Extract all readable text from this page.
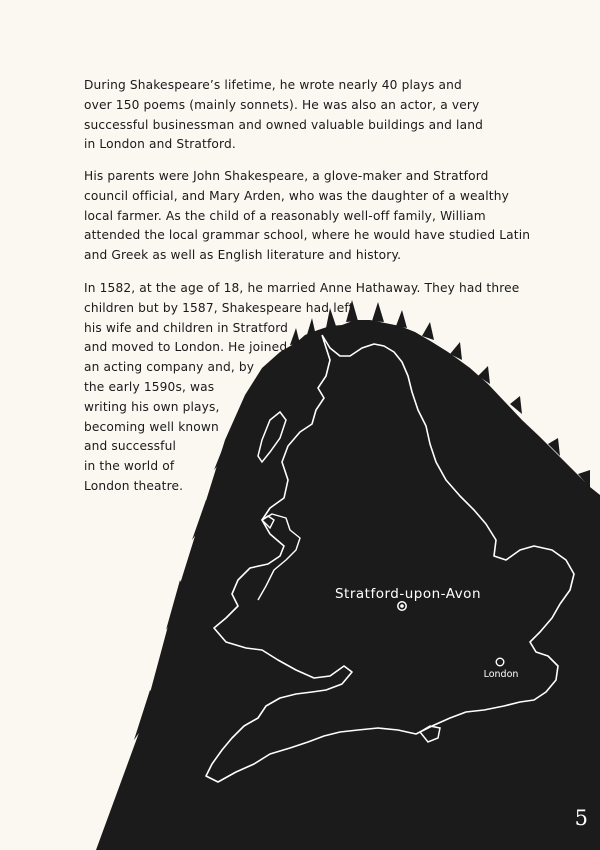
Stratford-upon-Avon
London
During Shakespeare’s lifetime, he wrote nearly 40 plays and
over 150 poems (mainly sonnets). He was also an actor, a very
successful businessman and owned valuable buildings and land
in London and Stratford.
His parents were John Shakespeare, a glove-maker and Stratford
council official, and Mary Arden, who was the daughter of a wealthy
local farmer. As the child of a reasonably well-off family, William
attended the local grammar school, where he would have studied Latin
and Greek as well as English literature and history.
In 1582, at the age of 18, he married Anne Hathaway. They had three
children but by 1587, Shakespeare had left
his wife and children in Stratford
and moved to London. He joined
an acting company and, by
the early 1590s, was
writing his own plays,
becoming well known
and successful
in the world of
London theatre.
5
